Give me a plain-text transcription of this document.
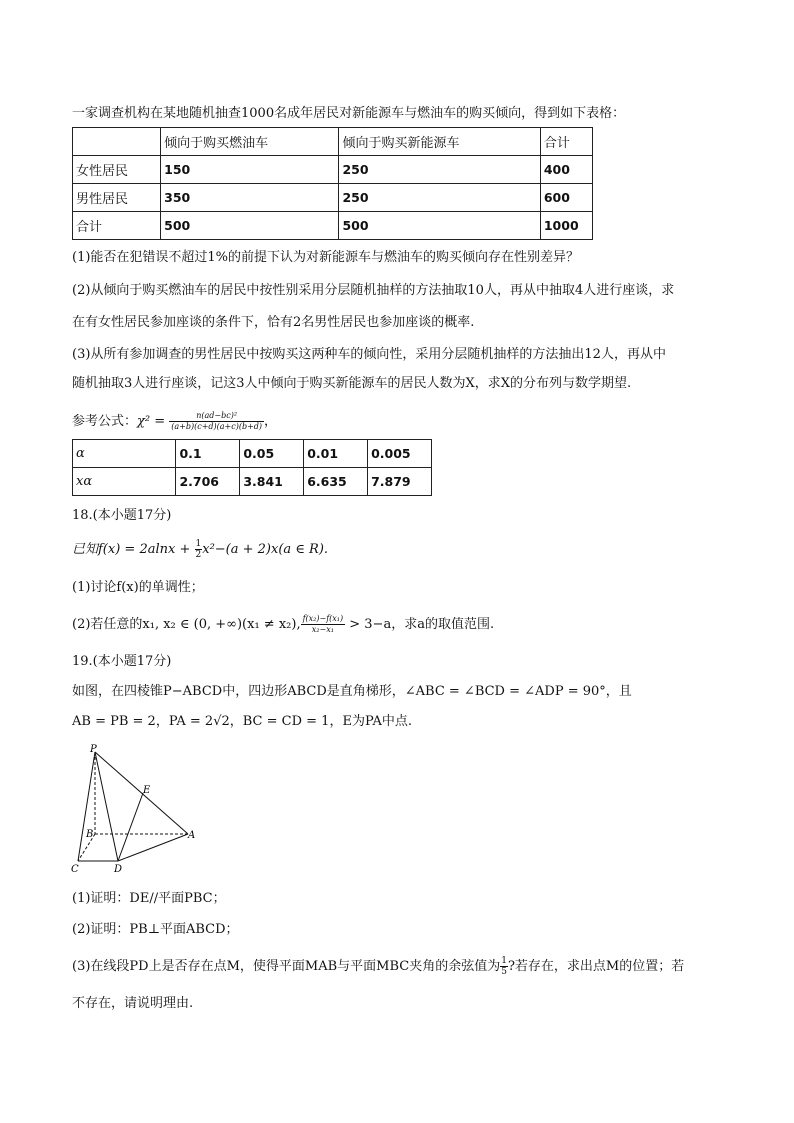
一家调查机构在某地随机抽查1000名成年居民对新能源车与燃油车的购买倾向，得到如下表格：
	倾向于购买燃油车	倾向于购买新能源车	合计
女性居民	150	250	400
男性居民	350	250	600
合计	500	500	1000
(1)能否在犯错误不超过1%的前提下认为对新能源车与燃油车的购买倾向存在性别差异？
(2)从倾向于购买燃油车的居民中按性别采用分层随机抽样的方法抽取10人，再从中抽取4人进行座谈，求
在有女性居民参加座谈的条件下，恰有2名男性居民也参加座谈的概率.
(3)从所有参加调查的男性居民中按购买这两种车的倾向性，采用分层随机抽样的方法抽出12人，再从中
随机抽取3人进行座谈，记这3人中倾向于购买新能源车的居民人数为X，求X的分布列与数学期望.
参考公式：$\chi^2 = \frac{\text{n(ad−bc)²}}{(a+b)(c+d)(a+c)(b+d)}$ ，
α	0.1	0.05	0.01	0.005
xα	2.706	3.841	6.635	7.879
18.(本小题17分)
已知$f(x) = 2alnx + \frac{1}{2} x^2-(a + 2)x(a$ ∈ R).
(1)讨论f(x)的单调性；
(2)若任意的x₁, x₂ ∈ (0, +∞)(x₁ ≠ x₂), $\frac{\text{f(x₂)−f(x₁)}}{\text{x₂−x₁}} > 3-a$，求a的取值范围.
19.(本小题17分)
如图，在四棱锥P−ABCD中，四边形ABCD是直角梯形，∠ABC = ∠BCD = ∠ADP = 90°，且
AB = PB = 2，PA = 2√2，BC = CD = 1，E为PA中点.
P
E
B	A
C	D
(1)证明：DE//平面PBC；
(2)证明：PB⊥平面ABCD；
(3)在线段PD上是否存在点M，使得平面MAB与平面MBC夹角的余弦值为 $\frac{1}{5}$ ?若存在，求出点M的位置；若
不存在，请说明理由.
